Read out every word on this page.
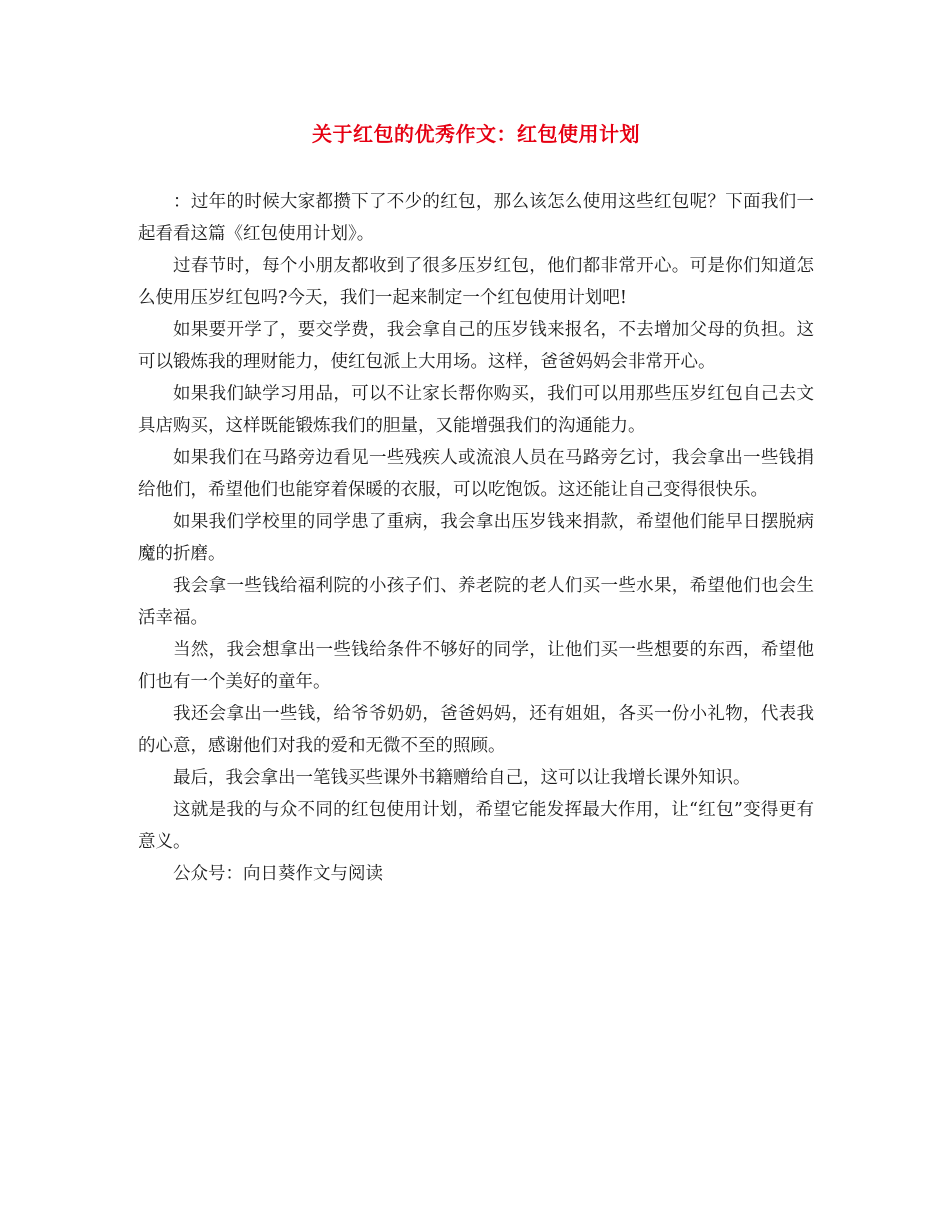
关于红包的优秀作文：红包使用计划

：过年的时候大家都攒下了不少的红包，那么该怎么使用这些红包呢？下面我们一起看看这篇《红包使用计划》。

过春节时，每个小朋友都收到了很多压岁红包，他们都非常开心。可是你们知道怎么使用压岁红包吗?今天，我们一起来制定一个红包使用计划吧!

如果要开学了，要交学费，我会拿自己的压岁钱来报名，不去增加父母的负担。这可以锻炼我的理财能力，使红包派上大用场。这样，爸爸妈妈会非常开心。

如果我们缺学习用品，可以不让家长帮你购买，我们可以用那些压岁红包自己去文具店购买，这样既能锻炼我们的胆量，又能增强我们的沟通能力。

如果我们在马路旁边看见一些残疾人或流浪人员在马路旁乞讨，我会拿出一些钱捐给他们，希望他们也能穿着保暖的衣服，可以吃饱饭。这还能让自己变得很快乐。

如果我们学校里的同学患了重病，我会拿出压岁钱来捐款，希望他们能早日摆脱病魔的折磨。

我会拿一些钱给福利院的小孩子们、养老院的老人们买一些水果，希望他们也会生活幸福。

当然，我会想拿出一些钱给条件不够好的同学，让他们买一些想要的东西，希望他们也有一个美好的童年。

我还会拿出一些钱，给爷爷奶奶，爸爸妈妈，还有姐姐，各买一份小礼物，代表我的心意，感谢他们对我的爱和无微不至的照顾。

最后，我会拿出一笔钱买些课外书籍赠给自己，这可以让我增长课外知识。

这就是我的与众不同的红包使用计划，希望它能发挥最大作用，让“红包”变得更有意义。

公众号：向日葵作文与阅读
